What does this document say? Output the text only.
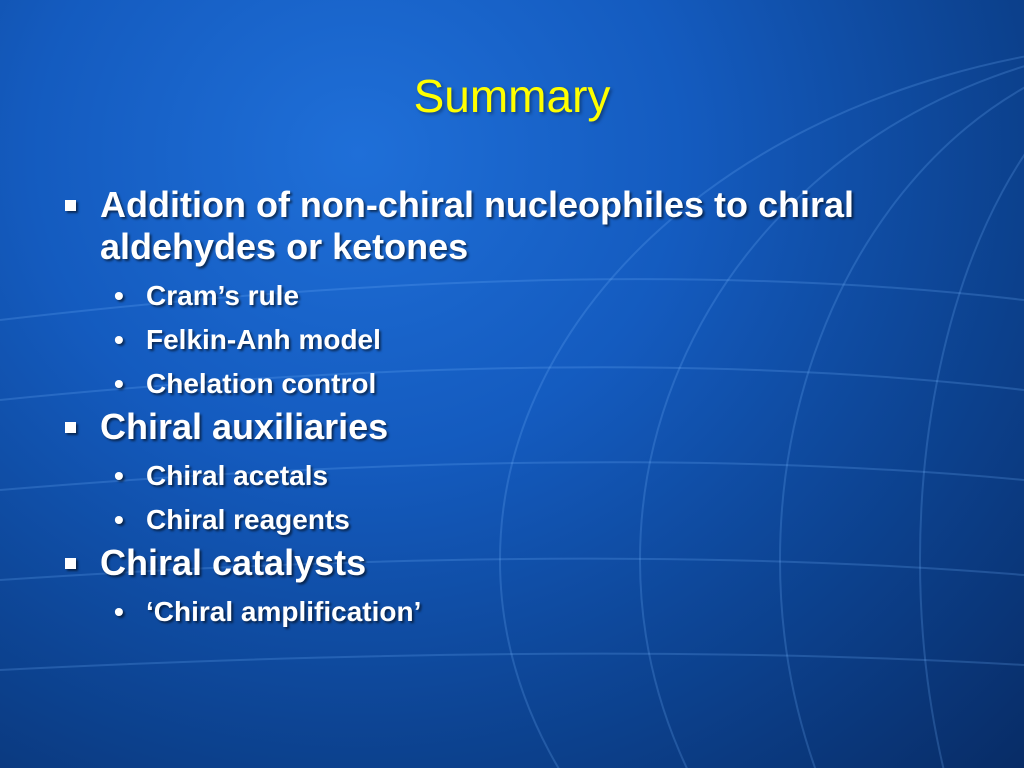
Summary
Addition of non-chiral nucleophiles to chiral aldehydes or ketones
• Cram’s rule
• Felkin-Anh model
• Chelation control
Chiral auxiliaries
• Chiral acetals
• Chiral reagents
Chiral catalysts
• ‘Chiral amplification’
